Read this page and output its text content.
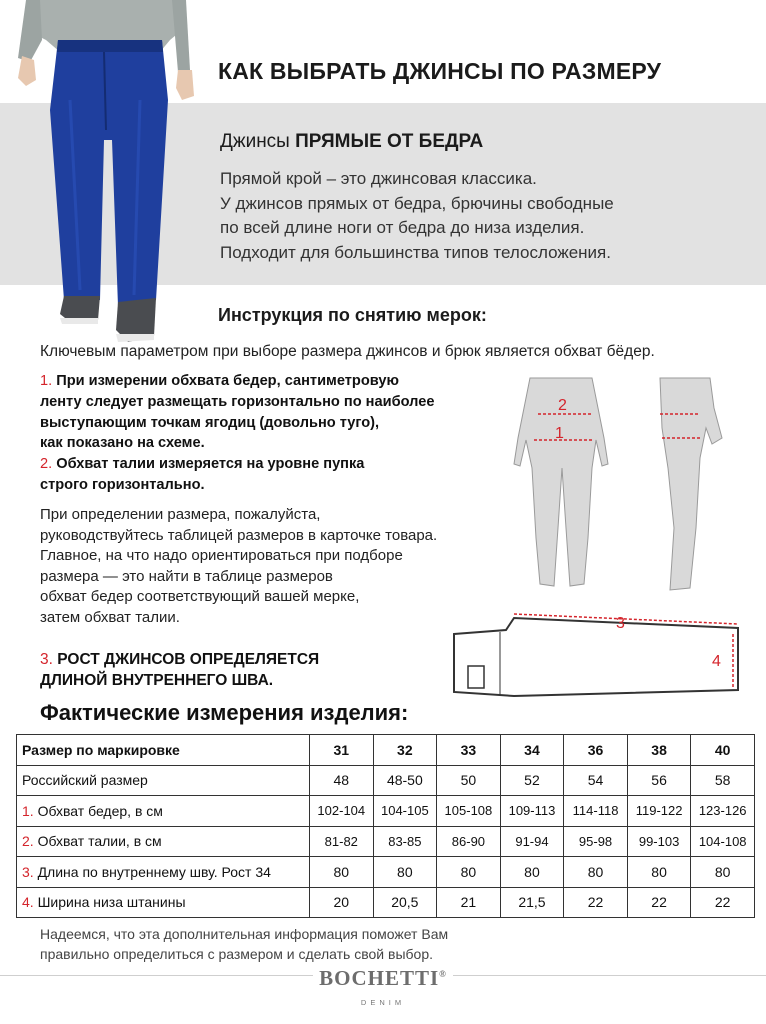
КАК ВЫБРАТЬ ДЖИНСЫ ПО РАЗМЕРУ
Джинсы ПРЯМЫЕ ОТ БЕДРА
Прямой крой – это джинсовая классика.
У джинсов прямых от бедра, брючины свободные
по всей длине ноги от бедра до низа изделия.
Подходит для большинства типов телосложения.
Инструкция по снятию мерок:
Ключевым параметром при выборе размера джинсов и брюк является обхват бёдер.
1. При измерении обхвата бедер, сантиметровую
ленту следует размещать горизонтально по наиболее
выступающим точкам ягодиц (довольно туго),
как показано на схеме.
2. Обхват талии измеряется на уровне пупка
строго горизонтально.
При определении размера, пожалуйста,
руководствуйтесь таблицей размеров в карточке товара.
Главное, на что надо ориентироваться при подборе
размера — это найти в таблице размеров
обхват бедер соответствующий вашей мерке,
затем обхват талии.
3. РОСТ ДЖИНСОВ ОПРЕДЕЛЯЕТСЯ
ДЛИНОЙ ВНУТРЕННЕГО ШВА.
2
1
3
4
Фактические измерения изделия:
Размер по маркировке	31	32	33	34	36	38	40
Российский размер	48	48-50	50	52	54	56	58
1. Обхват бедер, в см	102-104	104-105	105-108	109-113	114-118	119-122	123-126
2. Обхват талии, в см	81-82	83-85	86-90	91-94	95-98	99-103	104-108
3. Длина по внутреннему шву. Рост 34	80	80	80	80	80	80	80
4. Ширина низа штанины	20	20,5	21	21,5	22	22	22
Надеемся, что эта дополнительная информация поможет Вам
правильно определиться с размером и сделать свой выбор.
BOCHETTI®
DENIM
